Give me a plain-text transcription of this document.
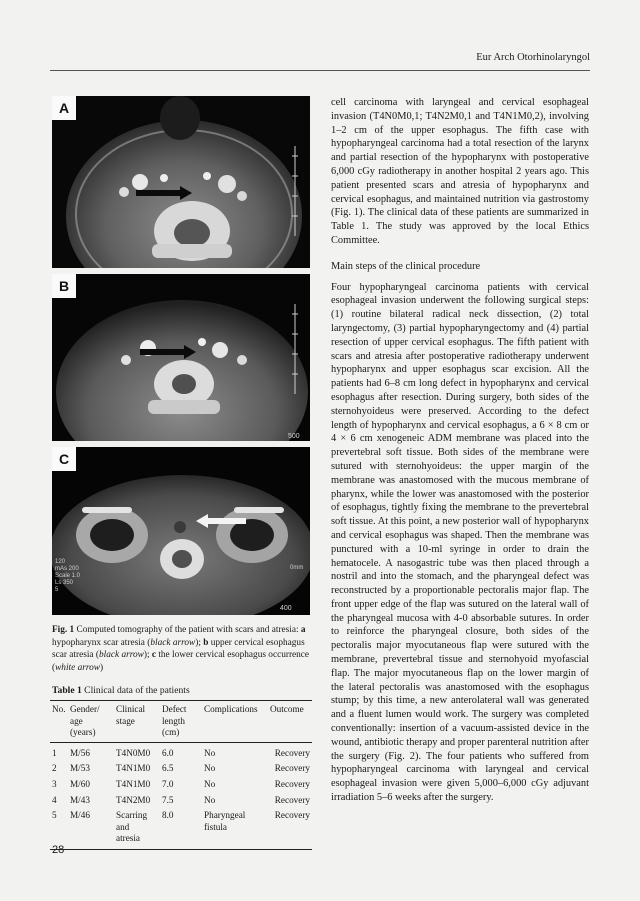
Eur Arch Otorhinolaryngol
A
500
B
120 mAs 200 Scale 1.0 Ls 350 5
400
0mm
C
Fig. 1 Computed tomography of the patient with scars and atresia: a hypopharynx scar atresia (black arrow); b upper cervical esophagus scar atresia (black arrow); c the lower cervical esophagus occurrence (white arrow)
Table 1 Clinical data of the patients
No.	Gender/
age
(years)	Clinical
stage	Defect
length
(cm)	Complications	Outcome
1	M/56	T4N0M0	6.0	No	Recovery
2	M/53	T4N1M0	6.5	No	Recovery
3	M/60	T4N1M0	7.0	No	Recovery
4	M/43	T4N2M0	7.5	No	Recovery
5	M/46	Scarring
and
atresia	8.0	Pharyngeal
fistula	Recovery
28

cell carcinoma with laryngeal and cervical esophageal invasion (T4N0M0,1; T4N2M0,1 and T4N1M0,2), involving 1–2 cm of the upper esophagus. The fifth case with hypopharyngeal carcinoma had a total resection of the larynx and partial resection of the hypopharynx with postoperative 6,000 cGy radiotherapy in another hospital 2 years ago. This patient presented scars and atresia of hypopharynx and cervical esophagus, and maintained nutrition via gastrostomy (Fig. 1). The clinical data of these patients are summarized in Table 1. The study was approved by the local Ethics Committee.

Main steps of the clinical procedure

Four hypopharyngeal carcinoma patients with cervical esophageal invasion underwent the following surgical steps: (1) routine bilateral radical neck dissection, (2) total laryngectomy, (3) partial hypopharyngectomy and (4) partial resection of upper cervical esophagus. The fifth patient with scars and atresia after postoperative radiotherapy underwent hypopharynx and upper esophagus scar excision. All the patients had 6–8 cm long defect in hypopharynx and cervical esophagus after resection. During surgery, both sides of the sternohyoideus were preserved. According to the defect length of hypopharynx and cervical esophagus, a 6 × 8 cm or 4 × 6 cm xenogeneic ADM membrane was placed into the prevertebral soft tissue. Both sides of the membrane were sutured with sternohyoideus: the upper margin of the membrane was anastomosed with the mucous membrane of pharynx, while the lower was anastomosed with the posterior of esophagus, tightly fixing the membrane to the prevertebral soft tissue. At this point, a new posterior wall of hypopharynx and cervical esophagus was shaped. Then the membrane was punctured with a 10-ml syringe in order to drain the hematocele. A nasogastric tube was then placed through a nostril and into the stomach, and the pharyngeal defect was reconstructed by a proportionable pectoralis major flap. The front upper edge of the flap was sutured on the lateral wall of the pharyngeal mucosa with 4-0 absorbable sutures. In order to reinforce the pharyngeal closure, both sides of the pectoralis major myocutaneous flap were sutured with the membrane, prevertebral tissue and sternohyoid myofascial flap. The major myocutaneous flap on the lower margin of the lateral pectoralis was anastomosed with the esophagus stump; by this time, a new anterolateral wall was generated and a fluent lumen would work. The surgery was completed conventionally: insertion of a vacuum-assisted device in the wound, antibiotic therapy and proper parenteral nutrition after the surgery (Fig. 2). The four patients who suffered from hypopharyngeal carcinoma with laryngeal and cervical esophageal invasion were given 5,000–6,000 cGy adjuvant irradiation 5–6 weeks after the surgery.
